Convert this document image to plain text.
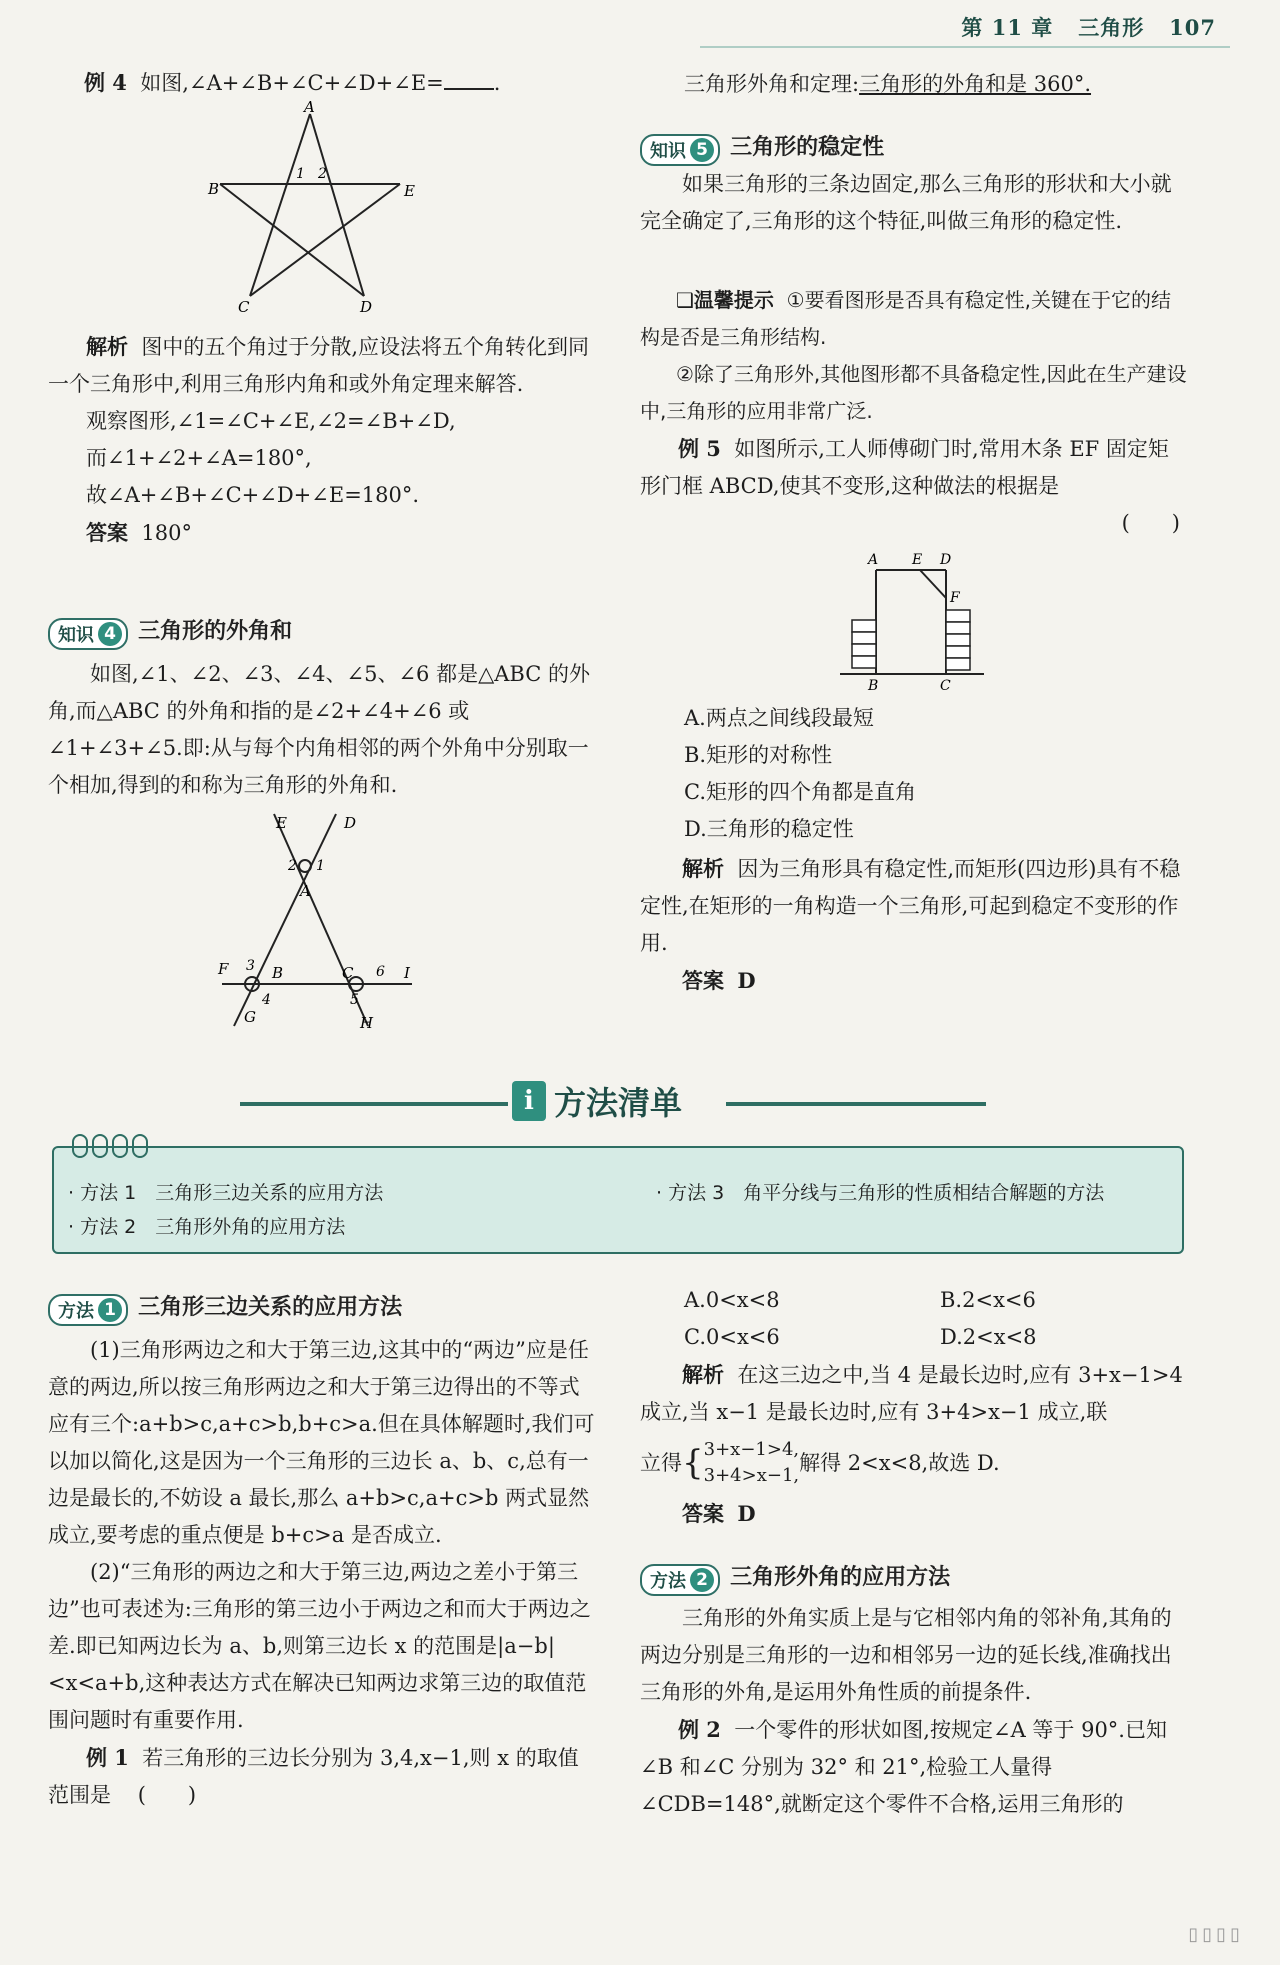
第 11 章 三角形 107
例 4 如图,∠A+∠B+∠C+∠D+∠E= .
A
B
C	D
E
1 2
解析 图中的五个角过于分散,应设法将五个角转化到同一个三角形中,利用三角形内角和或外角定理来解答.
观察图形,∠1=∠C+∠E,∠2=∠B+∠D,
而∠1+∠2+∠A=180°,
故∠A+∠B+∠C+∠D+∠E=180°.
答案 180°
知识 4 三角形的外角和
如图,∠1、∠2、∠3、∠4、∠5、∠6 都是△ABC 的外角,而△ABC 的外角和指的是∠2+∠4+∠6 或∠1+∠3+∠5.即:从与每个内角相邻的两个外角中分别取一个相加,得到的和称为三角形的外角和.
E	D
2 1
A
3 B	C 6
F	I
4	5
G	H
三角形外角和定理:三角形的外角和是 360°.
知识 5 三角形的稳定性
如果三角形的三条边固定,那么三角形的形状和大小就完全确定了,三角形的这个特征,叫做三角形的稳定性.
❑温馨提示 ①要看图形是否具有稳定性,关键在于它的结构是否是三角形结构.
②除了三角形外,其他图形都不具备稳定性,因此在生产建设中,三角形的应用非常广泛.
例 5 如图所示,工人师傅砌门时,常用木条 EF 固定矩形门框 ABCD,使其不变形,这种做法的根据是
(　　)
A E D
F
B	C
A.两点之间线段最短
B.矩形的对称性
C.矩形的四个角都是直角
D.三角形的稳定性
解析 因为三角形具有稳定性,而矩形(四边形)具有不稳定性,在矩形的一角构造一个三角形,可起到稳定不变形的作用.
答案 D
i 方法清单
· 方法 1　三角形三边关系的应用方法
· 方法 2　三角形外角的应用方法
· 方法 3　角平分线与三角形的性质相结合解题的方法
方法 1 三角形三边关系的应用方法
(1)三角形两边之和大于第三边,这其中的“两边”应是任意的两边,所以按三角形两边之和大于第三边得出的不等式应有三个:a+b>c,a+c>b,b+c>a.但在具体解题时,我们可以加以简化,这是因为一个三角形的三边长 a、b、c,总有一边是最长的,不妨设 a 最长,那么 a+b>c,a+c>b 两式显然成立,要考虑的重点便是 b+c>a 是否成立.
(2)“三角形的两边之和大于第三边,两边之差小于第三边”也可表述为:三角形的第三边小于两边之和而大于两边之差.即已知两边长为 a、b,则第三边长 x 的范围是|a−b|<x<a+b,这种表达方式在解决已知两边求第三边的取值范围问题时有重要作用.
例 1 若三角形的三边长分别为 3,4,x−1,则 x 的取值范围是 (　　)
A.0<x<8	B.2<x<6
C.0<x<6	D.2<x<8
解析 在这三边之中,当 4 是最长边时,应有 3+x−1>4 成立,当 x−1 是最长边时,应有 3+4>x−1 成立,联
立得 { 3+x−1>4,
3+4>x−1,
解得 2<x<8,故选 D.
答案 D
方法 2 三角形外角的应用方法
三角形的外角实质上是与它相邻内角的邻补角,其角的两边分别是三角形的一边和相邻另一边的延长线,准确找出三角形的外角,是运用外角性质的前提条件.
例 2 一个零件的形状如图,按规定∠A 等于 90°.已知∠B 和∠C 分别为 32° 和 21°,检验工人量得∠CDB=148°,就断定这个零件不合格,运用三角形的
▯▯▯▯
